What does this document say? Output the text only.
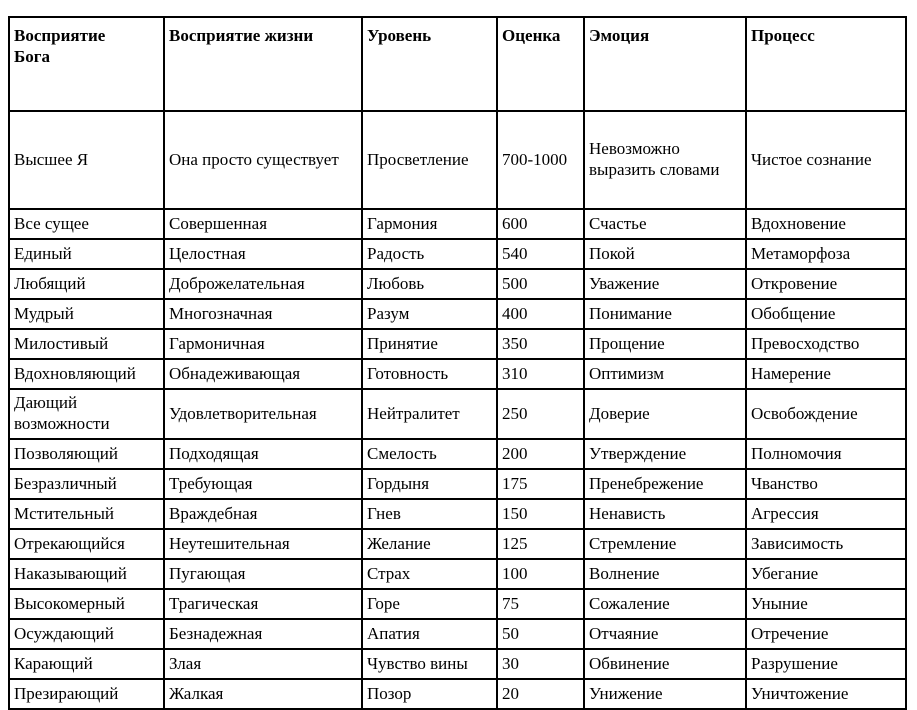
Восприятие
Бога	Восприятие жизни	Уровень	Оценка	Эмоция	Процесс

Высшее Я	Она просто существует	Просветление	700-1000	Невозможно выразить словами	Чистое сознание

Все сущее	Совершенная	Гармония	600	Счастье	Вдохновение

Единый	Целостная	Радость	540	Покой	Метаморфоза

Любящий	Доброжелательная	Любовь	500	Уважение	Откровение

Мудрый	Многозначная	Разум	400	Понимание	Обобщение

Милостивый	Гармоничная	Принятие	350	Прощение	Превосходство

Вдохновляющий	Обнадеживающая	Готовность	310	Оптимизм	Намерение

Дающий возможности	Удовлетворительная	Нейтралитет	250	Доверие	Освобождение

Позволяющий	Подходящая	Смелость	200	Утверждение	Полномочия

Безразличный	Требующая	Гордыня	175	Пренебрежение	Чванство

Мстительный	Враждебная	Гнев	150	Ненависть	Агрессия

Отрекающийся	Неутешительная	Желание	125	Стремление	Зависимость

Наказывающий	Пугающая	Страх	100	Волнение	Убегание

Высокомерный	Трагическая	Горе	75	Сожаление	Уныние

Осуждающий	Безнадежная	Апатия	50	Отчаяние	Отречение

Карающий	Злая	Чувство вины	30	Обвинение	Разрушение

Презирающий	Жалкая	Позор	20	Унижение	Уничтожение
